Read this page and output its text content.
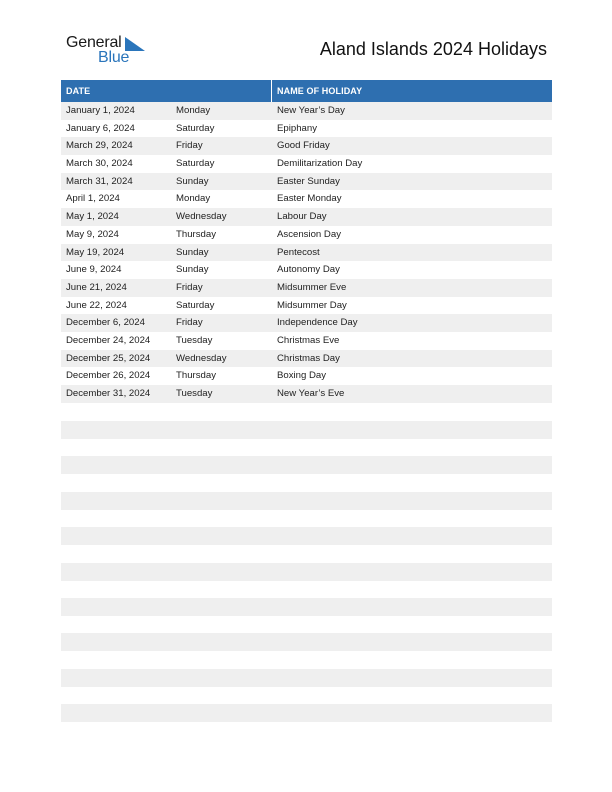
General
Blue	Aland Islands 2024 Holidays
DATE	NAME OF HOLIDAY
January 1, 2024	Monday	New Year’s Day
January 6, 2024	Saturday	Epiphany
March 29, 2024	Friday	Good Friday
March 30, 2024	Saturday	Demilitarization Day
March 31, 2024	Sunday	Easter Sunday
April 1, 2024	Monday	Easter Monday
May 1, 2024	Wednesday	Labour Day
May 9, 2024	Thursday	Ascension Day
May 19, 2024	Sunday	Pentecost
June 9, 2024	Sunday	Autonomy Day
June 21, 2024	Friday	Midsummer Eve
June 22, 2024	Saturday	Midsummer Day
December 6, 2024	Friday	Independence Day
December 24, 2024	Tuesday	Christmas Eve
December 25, 2024	Wednesday	Christmas Day
December 26, 2024	Thursday	Boxing Day
December 31, 2024	Tuesday	New Year’s Eve
